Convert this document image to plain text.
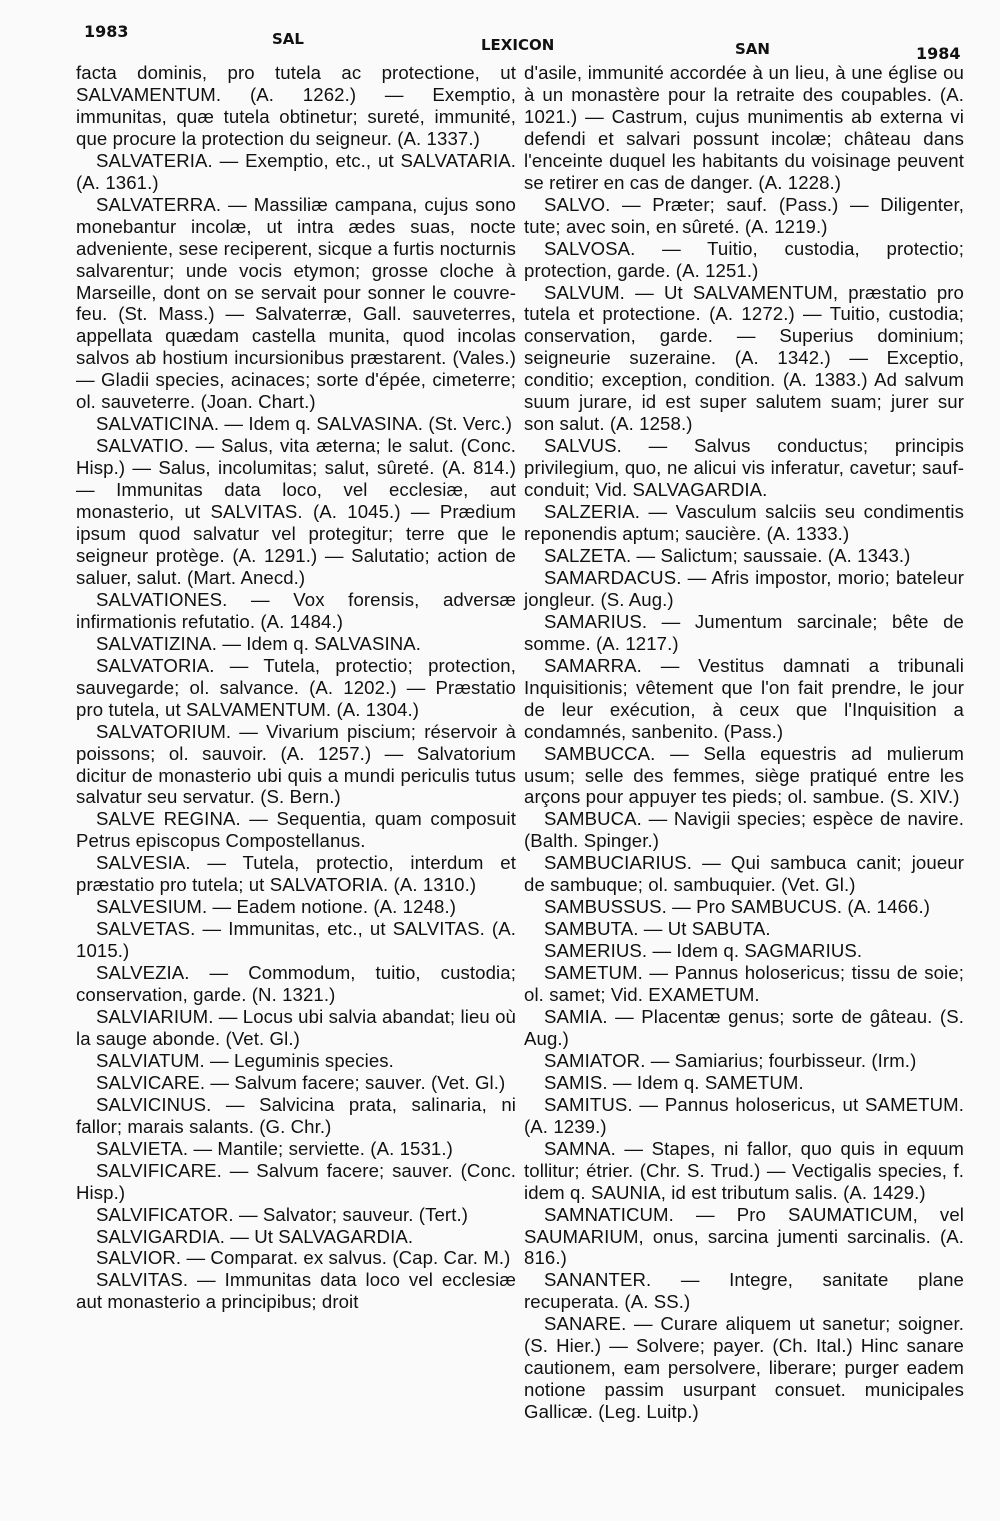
1983	SAL	LEXICON	SAN	1984

facta dominis, pro tutela ac protectione, ut SALVAMENTUM. (A. 1262.) — Exemptio, immunitas, quæ tutela obtinetur; sureté, immunité, que procure la protection du seigneur. (A. 1337.)

SALVATERIA. — Exemptio, etc., ut SALVATARIA. (A. 1361.)

SALVATERRA. — Massiliæ campana, cujus sono monebantur incolæ, ut intra ædes suas, nocte adveniente, sese reciperent, sicque a furtis nocturnis salvarentur; unde vocis etymon; grosse cloche à Marseille, dont on se servait pour sonner le couvre-feu. (St. Mass.) — Salvaterræ, Gall. sauveterres, appellata quædam castella munita, quod incolas salvos ab hostium incursionibus præstarent. (Vales.) — Gladii species, acinaces; sorte d'épée, cimeterre; ol. sauveterre. (Joan. Chart.)

SALVATICINA. — Idem q. SALVASINA. (St. Verc.)

SALVATIO. — Salus, vita æterna; le salut. (Conc. Hisp.) — Salus, incolumitas; salut, sûreté. (A. 814.) — Immunitas data loco, vel ecclesiæ, aut monasterio, ut SALVITAS. (A. 1045.) — Prædium ipsum quod salvatur vel protegitur; terre que le seigneur protège. (A. 1291.) — Salutatio; action de saluer, salut. (Mart. Anecd.)

SALVATIONES. — Vox forensis, adversæ infirmationis refutatio. (A. 1484.)

SALVATIZINA. — Idem q. SALVASINA.

SALVATORIA. — Tutela, protectio; protection, sauvegarde; ol. salvance. (A. 1202.) — Præstatio pro tutela, ut SALVAMENTUM. (A. 1304.)

SALVATORIUM. — Vivarium piscium; réservoir à poissons; ol. sauvoir. (A. 1257.) — Salvatorium dicitur de monasterio ubi quis a mundi periculis tutus salvatur seu servatur. (S. Bern.)

SALVE REGINA. — Sequentia, quam composuit Petrus episcopus Compostellanus.

SALVESIA. — Tutela, protectio, interdum et præstatio pro tutela; ut SALVATORIA. (A. 1310.)

SALVESIUM. — Eadem notione. (A. 1248.)

SALVETAS. — Immunitas, etc., ut SALVITAS. (A. 1015.)

SALVEZIA. — Commodum, tuitio, custodia; conservation, garde. (N. 1321.)

SALVIARIUM. — Locus ubi salvia abandat; lieu où la sauge abonde. (Vet. Gl.)

SALVIATUM. — Leguminis species.

SALVICARE. — Salvum facere; sauver. (Vet. Gl.)

SALVICINUS. — Salvicina prata, salinaria, ni fallor; marais salants. (G. Chr.)

SALVIETA. — Mantile; serviette. (A. 1531.)

SALVIFICARE. — Salvum facere; sauver. (Conc. Hisp.)

SALVIFICATOR. — Salvator; sauveur. (Tert.)

SALVIGARDIA. — Ut SALVAGARDIA.

SALVIOR. — Comparat. ex salvus. (Cap. Car. M.)

SALVITAS. — Immunitas data loco vel ecclesiæ aut monasterio a principibus; droit

d'asile, immunité accordée à un lieu, à une église ou à un monastère pour la retraite des coupables. (A. 1021.) — Castrum, cujus munimentis ab externa vi defendi et salvari possunt incolæ; château dans l'enceinte duquel les habitants du voisinage peuvent se retirer en cas de danger. (A. 1228.)

SALVO. — Præter; sauf. (Pass.) — Diligenter, tute; avec soin, en sûreté. (A. 1219.)

SALVOSA. — Tuitio, custodia, protectio; protection, garde. (A. 1251.)

SALVUM. — Ut SALVAMENTUM, præstatio pro tutela et protectione. (A. 1272.) — Tuitio, custodia; conservation, garde. — Superius dominium; seigneurie suzeraine. (A. 1342.) — Exceptio, conditio; exception, condition. (A. 1383.) Ad salvum suum jurare, id est super salutem suam; jurer sur son salut. (A. 1258.)

SALVUS. — Salvus conductus; principis privilegium, quo, ne alicui vis inferatur, cavetur; sauf-conduit; Vid. SALVAGARDIA.

SALZERIA. — Vasculum salciis seu condimentis reponendis aptum; saucière. (A. 1333.)

SALZETA. — Salictum; saussaie. (A. 1343.)

SAMARDACUS. — Afris impostor, morio; bateleur jongleur. (S. Aug.)

SAMARIUS. — Jumentum sarcinale; bête de somme. (A. 1217.)

SAMARRA. — Vestitus damnati a tribunali Inquisitionis; vêtement que l'on fait prendre, le jour de leur exécution, à ceux que l'Inquisition a condamnés, sanbenito. (Pass.)

SAMBUCCA. — Sella equestris ad mulierum usum; selle des femmes, siège pratiqué entre les arçons pour appuyer tes pieds; ol. sambue. (S. XIV.)

SAMBUCA. — Navigii species; espèce de navire. (Balth. Spinger.)

SAMBUCIARIUS. — Qui sambuca canit; joueur de sambuque; ol. sambuquier. (Vet. Gl.)

SAMBUSSUS. — Pro SAMBUCUS. (A. 1466.)

SAMBUTA. — Ut SABUTA.

SAMERIUS. — Idem q. SAGMARIUS.

SAMETUM. — Pannus holosericus; tissu de soie; ol. samet; Vid. EXAMETUM.

SAMIA. — Placentæ genus; sorte de gâteau. (S. Aug.)

SAMIATOR. — Samiarius; fourbisseur. (Irm.)

SAMIS. — Idem q. SAMETUM.

SAMITUS. — Pannus holosericus, ut SAMETUM. (A. 1239.)

SAMNA. — Stapes, ni fallor, quo quis in equum tollitur; étrier. (Chr. S. Trud.) — Vectigalis species, f. idem q. SAUNIA, id est tributum salis. (A. 1429.)

SAMNATICUM. — Pro SAUMATICUM, vel SAUMARIUM, onus, sarcina jumenti sarcinalis. (A. 816.)

SANANTER. — Integre, sanitate plane recuperata. (A. SS.)

SANARE. — Curare aliquem ut sanetur; soigner. (S. Hier.) — Solvere; payer. (Ch. Ital.) Hinc sanare cautionem, eam persolvere, liberare; purger eadem notione passim usurpant consuet. municipales Gallicæ. (Leg. Luitp.)
